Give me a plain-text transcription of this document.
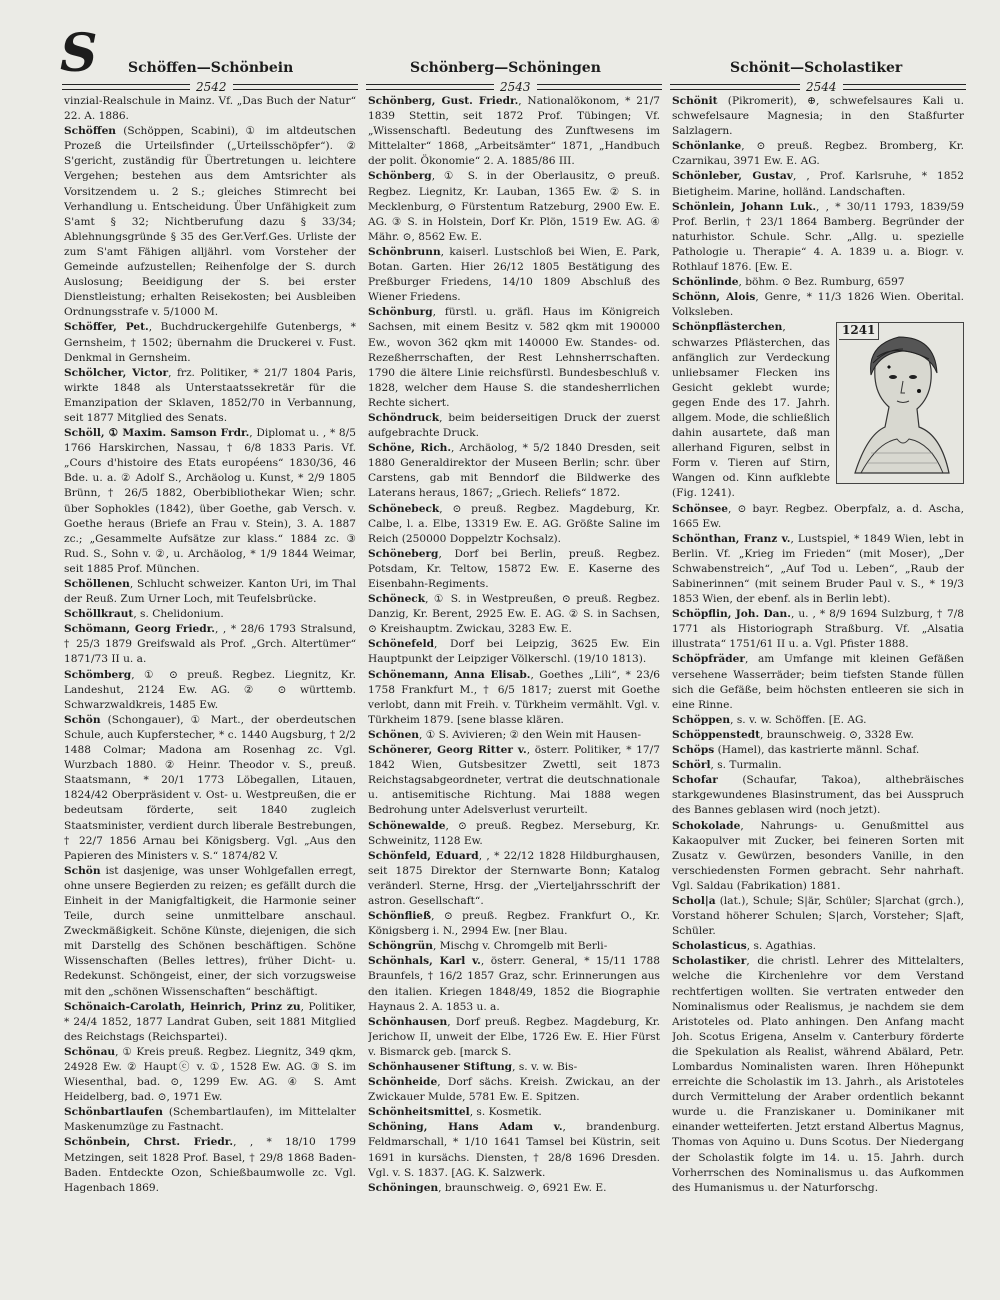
S Schöffen—Schönbein	Schönberg—Schöningen	Schönit—Scholastiker
2542	2543	2544

vinzial-Realschule in Mainz. Vf. „Das Buch der Natur“ 22. A. 1886.

Schöffen (Schöppen, Scabini), ① im altdeutschen Prozeß die Urteilsfinder („Urteilsschöpfer“). ② S'gericht, zuständig für Übertretungen u. leichtere Vergehen; bestehen aus dem Amtsrichter als Vorsitzendem u. 2 S.; gleiches Stimrecht bei Verhandlung u. Entscheidung. Über Unfähigkeit zum S'amt § 32; Nichtberufung dazu § 33/34; Ablehnungsgründe § 35 des Ger.Verf.Ges. Urliste der zum S'amt Fähigen alljährl. vom Vorsteher der Gemeinde aufzustellen; Reihenfolge der S. durch Auslosung; Beeidigung der S. bei erster Dienstleistung; erhalten Reisekosten; bei Ausbleiben Ordnungsstrafe v. 5/1000 M.

Schöffer, Pet., Buchdruckergehilfe Gutenbergs, * Gernsheim, † 1502; übernahm die Druckerei v. Fust. Denkmal in Gernsheim.

Schölcher, Victor, frz. Politiker, * 21/7 1804 Paris, wirkte 1848 als Unterstaatssekretär für die Emanzipation der Sklaven, 1852/70 in Verbannung, seit 1877 Mitglied des Senats.

Schöll, ① Maxim. Samson Frdr., Diplomat u. , * 8/5 1766 Harskirchen, Nassau, † 6/8 1833 Paris. Vf. „Cours d'histoire des Etats européens“ 1830/36, 46 Bde. u. a. ② Adolf S., Archäolog u. Kunst, * 2/9 1805 Brünn, † 26/5 1882, Oberbibliothekar Wien; schr. über Sophokles (1842), über Goethe, gab Versch. v. Goethe heraus (Briefe an Frau v. Stein), 3. A. 1887 zc.; „Gesammelte Aufsätze zur klass.“ 1884 zc. ③ Rud. S., Sohn v. ②, u. Archäolog, * 1/9 1844 Weimar, seit 1885 Prof. München.

Schöllenen, Schlucht schweizer. Kanton Uri, im Thal der Reuß. Zum Urner Loch, mit Teufelsbrücke.

Schöllkraut, s. Chelidonium.

Schömann, Georg Friedr., , * 28/6 1793 Stralsund, † 25/3 1879 Greifswald als Prof. „Grch. Altertümer“ 1871/73 II u. a.

Schömberg, ① ⊙ preuß. Regbez. Liegnitz, Kr. Landeshut, 2124 Ew. AG. ② ⊙ württemb. Schwarzwaldkreis, 1485 Ew.

Schön (Schongauer), ① Mart., der oberdeutschen Schule, auch Kupferstecher, * c. 1440 Augsburg, † 2/2 1488 Colmar; Madona am Rosenhag zc. Vgl. Wurzbach 1880. ② Heinr. Theodor v. S., preuß. Staatsmann, * 20/1 1773 Löbegallen, Litauen, 1824/42 Oberpräsident v. Ost- u. Westpreußen, die er bedeutsam förderte, seit 1840 zugleich Staatsminister, verdient durch liberale Bestrebungen, † 22/7 1856 Arnau bei Königsberg. Vgl. „Aus den Papieren des Ministers v. S.“ 1874/82 V.

Schön ist dasjenige, was unser Wohlgefallen erregt, ohne unsere Begierden zu reizen; es gefällt durch die Einheit in der Manigfaltigkeit, die Harmonie seiner Teile, durch seine unmittelbare anschaul. Zweckmäßigkeit. Schöne Künste, diejenigen, die sich mit Darstellg des Schönen beschäftigen. Schöne Wissenschaften (Belles lettres), früher Dicht- u. Redekunst. Schöngeist, einer, der sich vorzugsweise mit den „schönen Wissenschaften“ beschäftigt.

Schönaich-Carolath, Heinrich, Prinz zu, Politiker, * 24/4 1852, 1877 Landrat Guben, seit 1881 Mitglied des Reichstags (Reichspartei).

Schönau, ① Kreis preuß. Regbez. Liegnitz, 349 qkm, 24928 Ew. ② Hauptⓒ v. ①, 1528 Ew. AG. ③ S. im Wiesenthal, bad. ⊙, 1299 Ew. AG. ④ S. Amt Heidelberg, bad. ⊙, 1971 Ew.

Schönbartlaufen (Schembartlaufen), im Mittelalter Maskenumzüge zu Fastnacht.

Schönbein, Chrst. Friedr., , * 18/10 1799 Metzingen, seit 1828 Prof. Basel, † 29/8 1868 Baden-Baden. Entdeckte Ozon, Schießbaumwolle zc. Vgl. Hagenbach 1869.

Schönberg, Gust. Friedr., Nationalökonom, * 21/7 1839 Stettin, seit 1872 Prof. Tübingen; Vf. „Wissenschaftl. Bedeutung des Zunftwesens im Mittelalter“ 1868, „Arbeitsämter“ 1871, „Handbuch der polit. Ökonomie“ 2. A. 1885/86 III.

Schönberg, ① S. in der Oberlausitz, ⊙ preuß. Regbez. Liegnitz, Kr. Lauban, 1365 Ew. ② S. in Mecklenburg, ⊙ Fürstentum Ratzeburg, 2900 Ew. E. AG. ③ S. in Holstein, Dorf Kr. Plön, 1519 Ew. AG. ④ Mähr. ⊙, 8562 Ew. E.

Schönbrunn, kaiserl. Lustschloß bei Wien, E. Park, Botan. Garten. Hier 26/12 1805 Bestätigung des Preßburger Friedens, 14/10 1809 Abschluß des Wiener Friedens.

Schönburg, fürstl. u. gräfl. Haus im Königreich Sachsen, mit einem Besitz v. 582 qkm mit 190000 Ew., wovon 362 qkm mit 140000 Ew. Standes- od. Rezeßherrschaften, der Rest Lehnsherrschaften. 1790 die ältere Linie reichsfürstl. Bundesbeschluß v. 1828, welcher dem Hause S. die standesherrlichen Rechte sichert.

Schöndruck, beim beiderseitigen Druck der zuerst aufgebrachte Druck.

Schöne, Rich., Archäolog, * 5/2 1840 Dresden, seit 1880 Generaldirektor der Museen Berlin; schr. über Carstens, gab mit Benndorf die Bildwerke des Laterans heraus, 1867; „Griech. Reliefs“ 1872.

Schönebeck, ⊙ preuß. Regbez. Magdeburg, Kr. Calbe, l. a. Elbe, 13319 Ew. E. AG. Größte Saline im Reich (250000 Doppelztr Kochsalz).

Schöneberg, Dorf bei Berlin, preuß. Regbez. Potsdam, Kr. Teltow, 15872 Ew. E. Kaserne des Eisenbahn-Regiments.

Schöneck, ① S. in Westpreußen, ⊙ preuß. Regbez. Danzig, Kr. Berent, 2925 Ew. E. AG. ② S. in Sachsen, ⊙ Kreishauptm. Zwickau, 3283 Ew. E.

Schönefeld, Dorf bei Leipzig, 3625 Ew. Ein Hauptpunkt der Leipziger Völkerschl. (19/10 1813).

Schönemann, Anna Elisab., Goethes „Lili“, * 23/6 1758 Frankfurt M., † 6/5 1817; zuerst mit Goethe verlobt, dann mit Freih. v. Türkheim vermählt. Vgl. v. Türkheim 1879. [sene blasse klären.

Schönen, ① S. Avivieren; ② den Wein mit Hausen-

Schönerer, Georg Ritter v., österr. Politiker, * 17/7 1842 Wien, Gutsbesitzer Zwettl, seit 1873 Reichstagsabgeordneter, vertrat die deutschnationale u. antisemitische Richtung. Mai 1888 wegen Bedrohung unter Adelsverlust verurteilt.

Schönewalde, ⊙ preuß. Regbez. Merseburg, Kr. Schweinitz, 1128 Ew.

Schönfeld, Eduard, , * 22/12 1828 Hildburghausen, seit 1875 Direktor der Sternwarte Bonn; Katalog veränderl. Sterne, Hrsg. der „Vierteljahrsschrift der astron. Gesellschaft“.

Schönfließ, ⊙ preuß. Regbez. Frankfurt O., Kr. Königsberg i. N., 2994 Ew. [ner Blau.

Schöngrün, Mischg v. Chromgelb mit Berli-

Schönhals, Karl v., österr. General, * 15/11 1788 Braunfels, † 16/2 1857 Graz, schr. Erinnerungen aus den italien. Kriegen 1848/49, 1852 die Biographie Haynaus 2. A. 1853 u. a.

Schönhausen, Dorf preuß. Regbez. Magdeburg, Kr. Jerichow II, unweit der Elbe, 1726 Ew. E. Hier Fürst v. Bismarck geb. [marck S.

Schönhausener Stiftung, s. v. w. Bis-

Schönheide, Dorf sächs. Kreish. Zwickau, an der Zwickauer Mulde, 5781 Ew. E. Spitzen.

Schönheitsmittel, s. Kosmetik.

Schöning, Hans Adam v., brandenburg. Feldmarschall, * 1/10 1641 Tamsel bei Küstrin, seit 1691 in kursächs. Diensten, † 28/8 1696 Dresden. Vgl. v. S. 1837. [AG. K. Salzwerk.

Schöningen, braunschweig. ⊙, 6921 Ew. E.

Schönit (Pikromerit), ⊕, schwefelsaures Kali u. schwefelsaure Magnesia; in den Staßfurter Salzlagern.

Schönlanke, ⊙ preuß. Regbez. Bromberg, Kr. Czarnikau, 3971 Ew. E. AG.

Schönleber, Gustav, , Prof. Karlsruhe, * 1852 Bietigheim. Marine, holländ. Landschaften.

Schönlein, Johann Luk., , * 30/11 1793, 1839/59 Prof. Berlin, † 23/1 1864 Bamberg. Begründer der naturhistor. Schule. Schr. „Allg. u. spezielle Pathologie u. Therapie“ 4. A. 1839 u. a. Biogr. v. Rothlauf 1876. [Ew. E.

Schönlinde, böhm. ⊙ Bez. Rumburg, 6597

Schönn, Alois, Genre, * 11/3 1826 Wien. Oberital. Volksleben.

1241
Schönpflästerchen, schwarzes Pflästerchen, das anfänglich zur Verdeckung unliebsamer Flecken ins Gesicht geklebt wurde; gegen Ende des 17. Jahrh. allgem. Mode, die schließlich dahin ausartete, daß man allerhand Figuren, selbst in Form v. Tieren auf Stirn, Wangen od. Kinn aufklebte (Fig. 1241).

Schönsee, ⊙ bayr. Regbez. Oberpfalz, a. d. Ascha, 1665 Ew.

Schönthan, Franz v., Lustspiel, * 1849 Wien, lebt in Berlin. Vf. „Krieg im Frieden“ (mit Moser), „Der Schwabenstreich“, „Auf Tod u. Leben“, „Raub der Sabinerinnen“ (mit seinem Bruder Paul v. S., * 19/3 1853 Wien, der ebenf. als in Berlin lebt).

Schöpflin, Joh. Dan., u. , * 8/9 1694 Sulzburg, † 7/8 1771 als Historiograph Straßburg. Vf. „Alsatia illustrata“ 1751/61 II u. a. Vgl. Pfister 1888.

Schöpfräder, am Umfange mit kleinen Gefäßen versehene Wasserräder; beim tiefsten Stande füllen sich die Gefäße, beim höchsten entleeren sie sich in eine Rinne.

Schöppen, s. v. w. Schöffen. [E. AG.

Schöppenstedt, braunschweig. ⊙, 3328 Ew.

Schöps (Hamel), das kastrierte männl. Schaf.

Schörl, s. Turmalin.

Schofar (Schaufar, Takoa), althebräisches starkgewundenes Blasinstrument, das bei Ausspruch des Bannes geblasen wird (noch jetzt).

Schokolade, Nahrungs- u. Genußmittel aus Kakaopulver mit Zucker, bei feineren Sorten mit Zusatz v. Gewürzen, besonders Vanille, in den verschiedensten Formen gebracht. Sehr nahrhaft. Vgl. Saldau (Fabrikation) 1881.

Schol|a (lat.), Schule; S|är, Schüler; S|archat (grch.), Vorstand höherer Schulen; S|arch, Vorsteher; S|aft, Schüler.

Scholasticus, s. Agathias.

Scholastiker, die christl. Lehrer des Mittelalters, welche die Kirchenlehre vor dem Verstand rechtfertigen wollten. Sie vertraten entweder den Nominalismus oder Realismus, je nachdem sie dem Aristoteles od. Plato anhingen. Den Anfang macht Joh. Scotus Erigena, Anselm v. Canterbury förderte die Spekulation als Realist, während Abälard, Petr. Lombardus Nominalisten waren. Ihren Höhepunkt erreichte die Scholastik im 13. Jahrh., als Aristoteles durch Vermittelung der Araber ordentlich bekannt wurde u. die Franziskaner u. Dominikaner mit einander wetteiferten. Jetzt erstand Albertus Magnus, Thomas von Aquino u. Duns Scotus. Der Niedergang der Scholastik folgte im 14. u. 15. Jahrh. durch Vorherrschen des Nominalismus u. das Aufkommen des Humanismus u. der Naturforschg.
